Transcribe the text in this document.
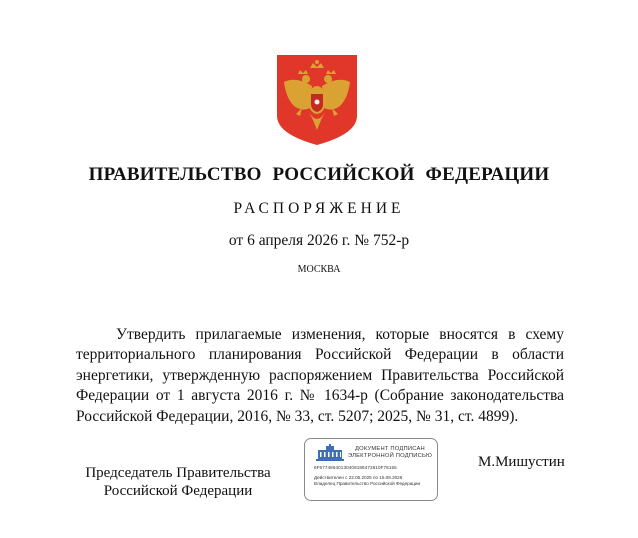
ПРАВИТЕЛЬСТВО РОССИЙСКОЙ ФЕДЕРАЦИИ
РАСПОРЯЖЕНИЕ
от 6 апреля 2026 г. № 752-р
МОСКВА
Утвердить прилагаемые изменения, которые вносятся в схему территориального планирования Российской Федерации в области энергетики, утвержденную распоряжением Правительства Российской Федерации от 1 августа 2016 г. № 1634-р (Собрание законодательства Российской Федерации, 2016, № 33, ст. 5207; 2025, № 31, ст. 4899).
Председатель Правительства
Российской Федерации
ДОКУМЕНТ ПОДПИСАН
ЭЛЕКТРОННОЙ ПОДПИСЬЮ
6F67748640130408188472810F78155
Действителен с 22.05.2025 по 15.08.2026
Владелец Правительство Российской Федерации
М.Мишустин
